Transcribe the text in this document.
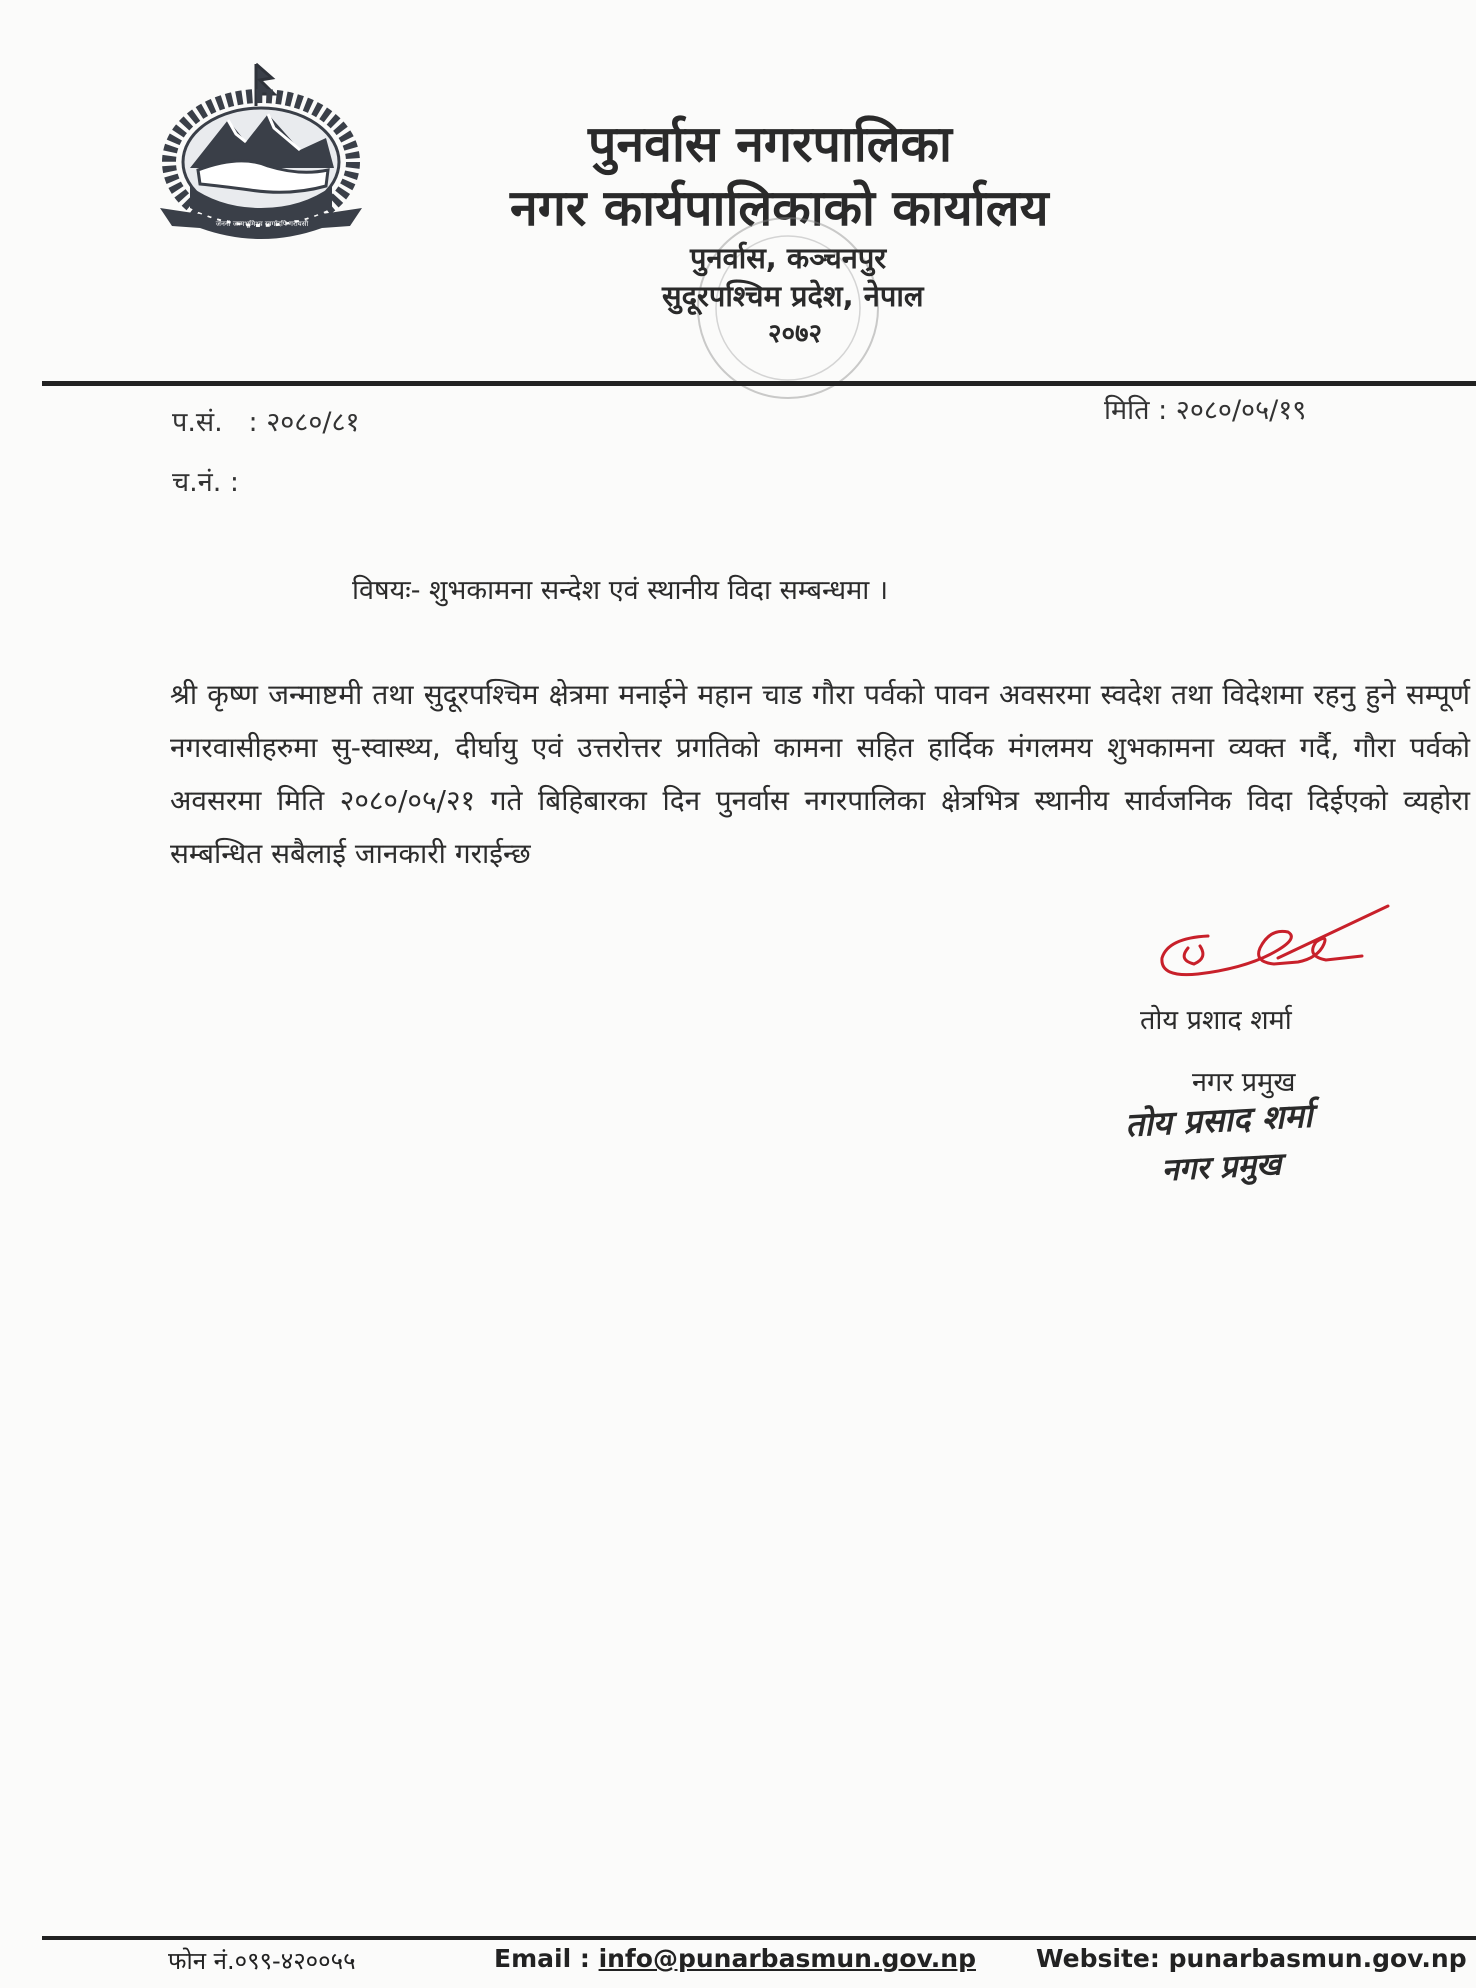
जननी जन्मभूमिश्च स्वर्गादपि गरीयसी
पुनर्वास नगरपालिका
नगर कार्यपालिकाको कार्यालय
पुनर्वास, कञ्चनपुर
सुदूरपश्चिम प्रदेश, नेपाल
२०७२
प.सं. : २०८०/८१
च.नं. :
मिति : २०८०/०५/१९
विषयः- शुभकामना सन्देश एवं स्थानीय विदा सम्बन्धमा ।
श्री कृष्ण जन्माष्टमी तथा सुदूरपश्चिम क्षेत्रमा मनाईने महान चाड गौरा पर्वको पावन अवसरमा स्वदेश तथा विदेशमा रहनु हुने सम्पूर्ण नगरवासीहरुमा सु-स्वास्थ्य, दीर्घायु एवं उत्तरोत्तर प्रगतिको कामना सहित हार्दिक मंगलमय शुभकामना व्यक्त गर्दै, गौरा पर्वको अवसरमा मिति २०८०/०५/२१ गते बिहिबारका दिन पुनर्वास नगरपालिका क्षेत्रभित्र स्थानीय सार्वजनिक विदा दिईएको व्यहोरा सम्बन्धित सबैलाई जानकारी गराईन्छ
तोय प्रशाद शर्मा
नगर प्रमुख
तोय प्रसाद शर्मा
नगर प्रमुख
फोन नं.०९९-४२००५५	Email : info@punarbasmun.gov.np Website: punarbasmun.gov.np
